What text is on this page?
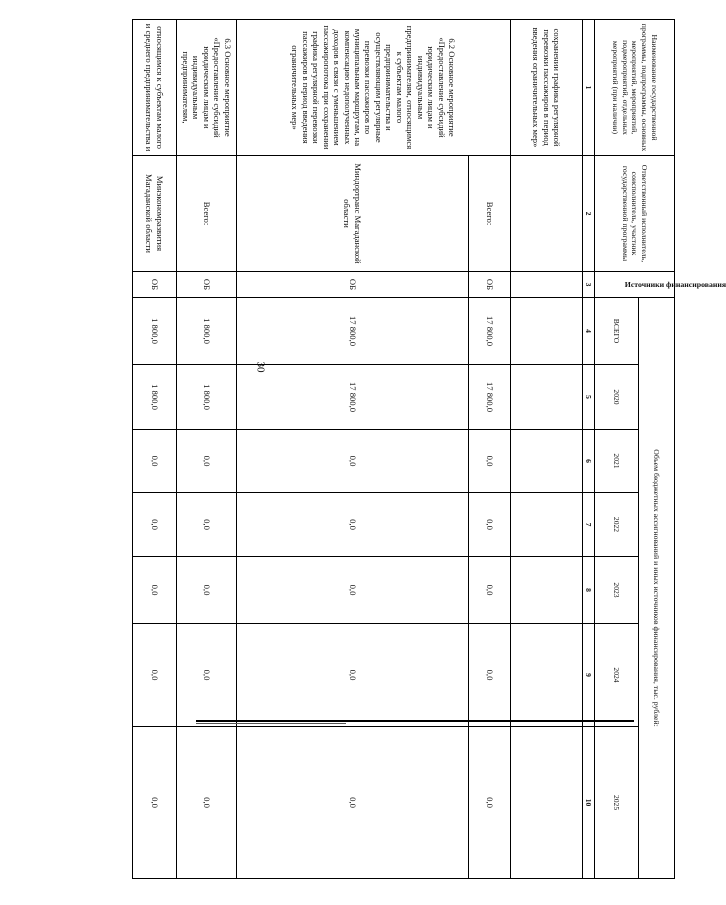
30
Наименование государственной программы, подпрограммы, основных мероприятий, мероприятий, подмероприятий, отдельных мероприятий (при наличии)	Ответственный исполнитель, соисполнитель, участник государственной программы	Источники финансирования	Объем бюджетных ассигнований и иных источников финансирования, тыс. рублей:						
			ВСЕГО	2020	2021	2022	2023	2024	2025
1	2	3	4	5	6	7	8	9	10
сохранении графика регулярной перевозки пассажиров в период введения ограничительных мер»									
6.2 Основное мероприятие «Предоставление субсидий юридическим лицам и индивидуальным предпринимателям, относящимся к субъектам малого предпринимательства и осуществляющим регулярные перевозки пассажиров по муниципальным маршрутам, на компенсацию недополученных доходов в связи с уменьшением пассажиропотока при сохранении графика регулярной перевозки пассажиров в период введения ограничительных мер»	Всего:	ОБ	17 800,0	17 800,0	0,0	0,0	0,0	0,0	0,0
	Миндортранс Магаданской области	ОБ	17 800,0	17 800,0	0,0	0,0	0,0	0,0	0,0
6.3 Основное мероприятие «Предоставление субсидий юридическим лицам и индивидуальным предпринимателям,	Всего:	ОБ	1 800,0	1 800,0	0,0	0,0	0,0	0,0	0,0
относящимся к субъектам малого и среднего предпринимательства и	Минэкономразвития Магаданской области	ОБ	1 800,0	1 800,0	0,0	0,0	0,0	0,0	0,0
